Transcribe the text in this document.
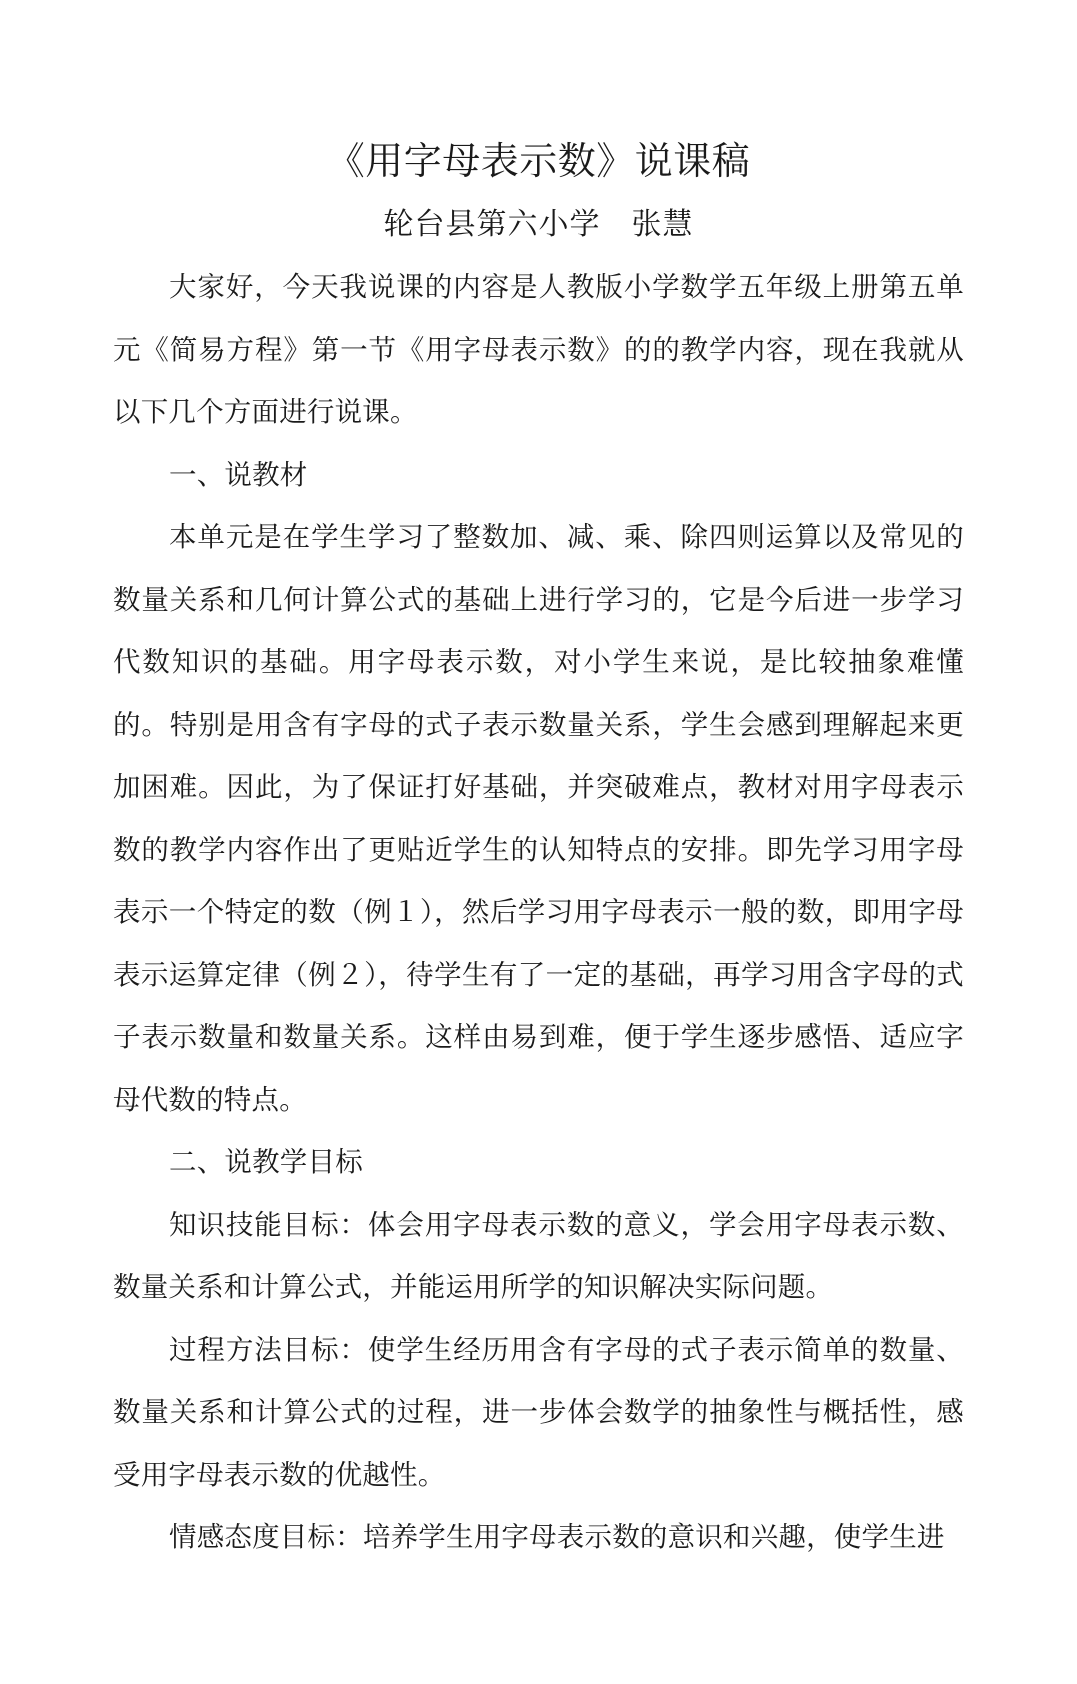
《用字母表示数》说课稿
轮台县第六小学　张慧

大家好，今天我说课的内容是人教版小学数学五年级上册第五单元《简易方程》第一节《用字母表示数》的的教学内容，现在我就从以下几个方面进行说课。

一、说教材

本单元是在学生学习了整数加、减、乘、除四则运算以及常见的数量关系和几何计算公式的基础上进行学习的，它是今后进一步学习代数知识的基础。用字母表示数，对小学生来说，是比较抽象难懂的。特别是用含有字母的式子表示数量关系，学生会感到理解起来更加困难。因此，为了保证打好基础，并突破难点，教材对用字母表示数的教学内容作出了更贴近学生的认知特点的安排。即先学习用字母表示一个特定的数（例１），然后学习用字母表示一般的数，即用字母表示运算定律（例２），待学生有了一定的基础，再学习用含字母的式子表示数量和数量关系。这样由易到难，便于学生逐步感悟、适应字母代数的特点。

二、说教学目标

知识技能目标：体会用字母表示数的意义，学会用字母表示数、数量关系和计算公式，并能运用所学的知识解决实际问题。

过程方法目标：使学生经历用含有字母的式子表示简单的数量、数量关系和计算公式的过程，进一步体会数学的抽象性与概括性，感受用字母表示数的优越性。

情感态度目标：培养学生用字母表示数的意识和兴趣，使学生进
